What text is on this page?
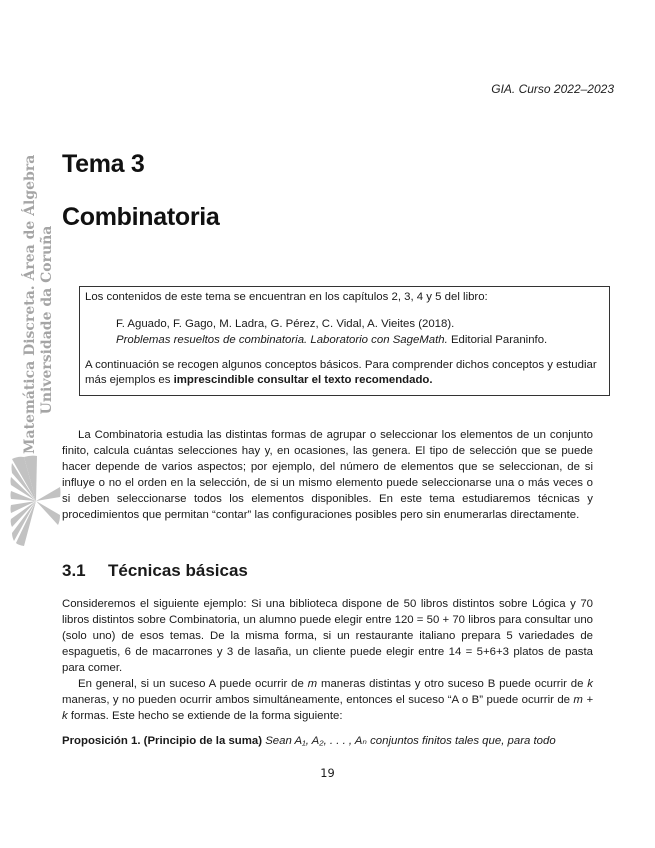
GIA. Curso 2022–2023
Matemática Discreta. Área de Álgebra Universidade da Coruña
Tema 3
Combinatoria

Los contenidos de este tema se encuentran en los capítulos 2, 3, 4 y 5 del libro:

F. Aguado, F. Gago, M. Ladra, G. Pérez, C. Vidal, A. Vieites (2018).
Problemas resueltos de combinatoria. Laboratorio con SageMath. Editorial Paraninfo.

A continuación se recogen algunos conceptos básicos. Para comprender dichos conceptos y estudiar más ejemplos es imprescindible consultar el texto recomendado.

La Combinatoria estudia las distintas formas de agrupar o seleccionar los elementos de un conjunto finito, calcula cuántas selecciones hay y, en ocasiones, las genera. El tipo de selección que se puede hacer depende de varios aspectos; por ejemplo, del número de elementos que se seleccionan, de si influye o no el orden en la selección, de si un mismo elemento puede seleccionarse una o más veces o si deben seleccionarse todos los elementos disponibles. En este tema estudiaremos técnicas y procedimientos que permitan “contar” las configuraciones posibles pero sin enumerarlas directamente.
3.1 Técnicas básicas
Consideremos el siguiente ejemplo: Si una biblioteca dispone de 50 libros distintos sobre Lógica y 70 libros distintos sobre Combinatoria, un alumno puede elegir entre 120 = 50 + 70 libros para consultar uno (solo uno) de esos temas. De la misma forma, si un restaurante italiano prepara 5 variedades de espaguetis, 6 de macarrones y 3 de lasaña, un cliente puede elegir entre 14 = 5+6+3 platos de pasta para comer.
En general, si un suceso A puede ocurrir de m maneras distintas y otro suceso B puede ocurrir de k maneras, y no pueden ocurrir ambos simultáneamente, entonces el suceso “A o B” puede ocurrir de m + k formas. Este hecho se extiende de la forma siguiente:
Proposición 1. (Principio de la suma) Sean A₁, A₂, . . . , Aₙ conjuntos finitos tales que, para todo
19
